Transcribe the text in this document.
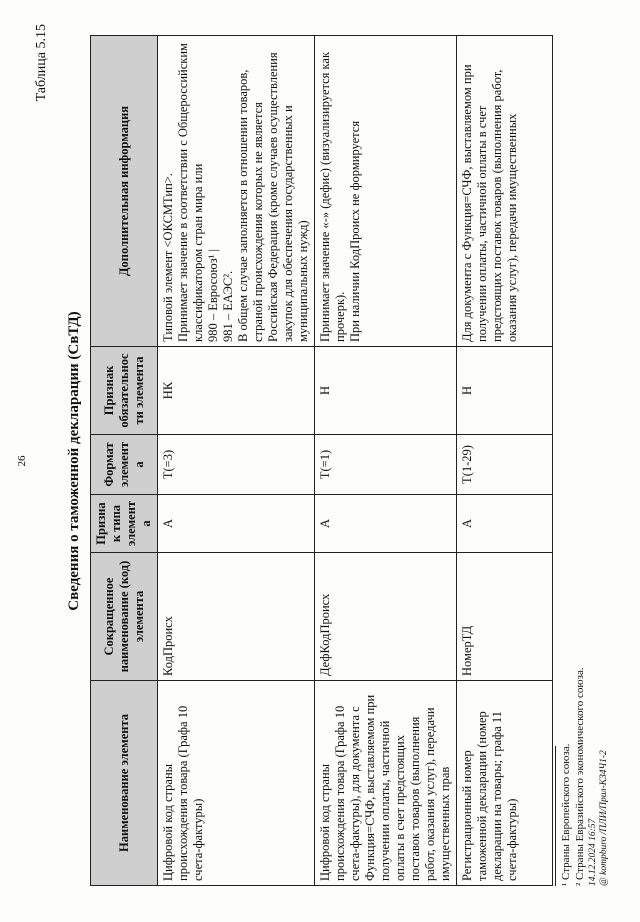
26
Таблица 5.15
Сведения о таможенной декларации (СвТД)
Наименование элемента	Сокращенное наименование (код) элемента	Признак типа элемента	Формат элемента	Признак обязательности элемента	Дополнительная информация
Цифровой код страны происхождения товара (Графа 10 счета-фактуры)	КодПроисх	А	Т(=3)	НК	Типовой элемент <ОКСМТип>. Принимает значение в соответствии с Общероссийским классификатором стран мира или 980 – Евросоюз¹ | 981 – ЕАЭС². В общем случае заполняется в отношении товаров, страной происхождения которых не является Российская Федерация (кроме случаев осуществления закупок для обеспечения государственных и муниципальных нужд)

Цифровой код страны происхождения товара (Графа 10 счета-фактуры), для документа с Функция=СЧФ, выставляемом при получении оплаты, частичной оплаты в счет предстоящих поставок товаров (выполнения работ, оказания услуг), передачи имущественных прав	ДефКодПроисх	А	Т(=1)	Н	Принимает значение «-» (дефис) (визуализируется как прочерк). При наличии КодПроисх не формируется

Регистрационный номер таможенной декларации (номер декларации на товары; графа 11 счета-фактуры)	НомерТД	А	Т(1-29)	Н	Для документа с Функция=СЧФ, выставляемом при получении оплаты, частичной оплаты в счет предстоящих поставок товаров (выполнения работ, оказания услуг), передачи имущественных
¹ Страны Европейского союза. ² Страны Евразийского экономического союза. 14.12.2024 16:57 @ kompburo /ПЛИ/Прил-КЗ4Ч1-2
